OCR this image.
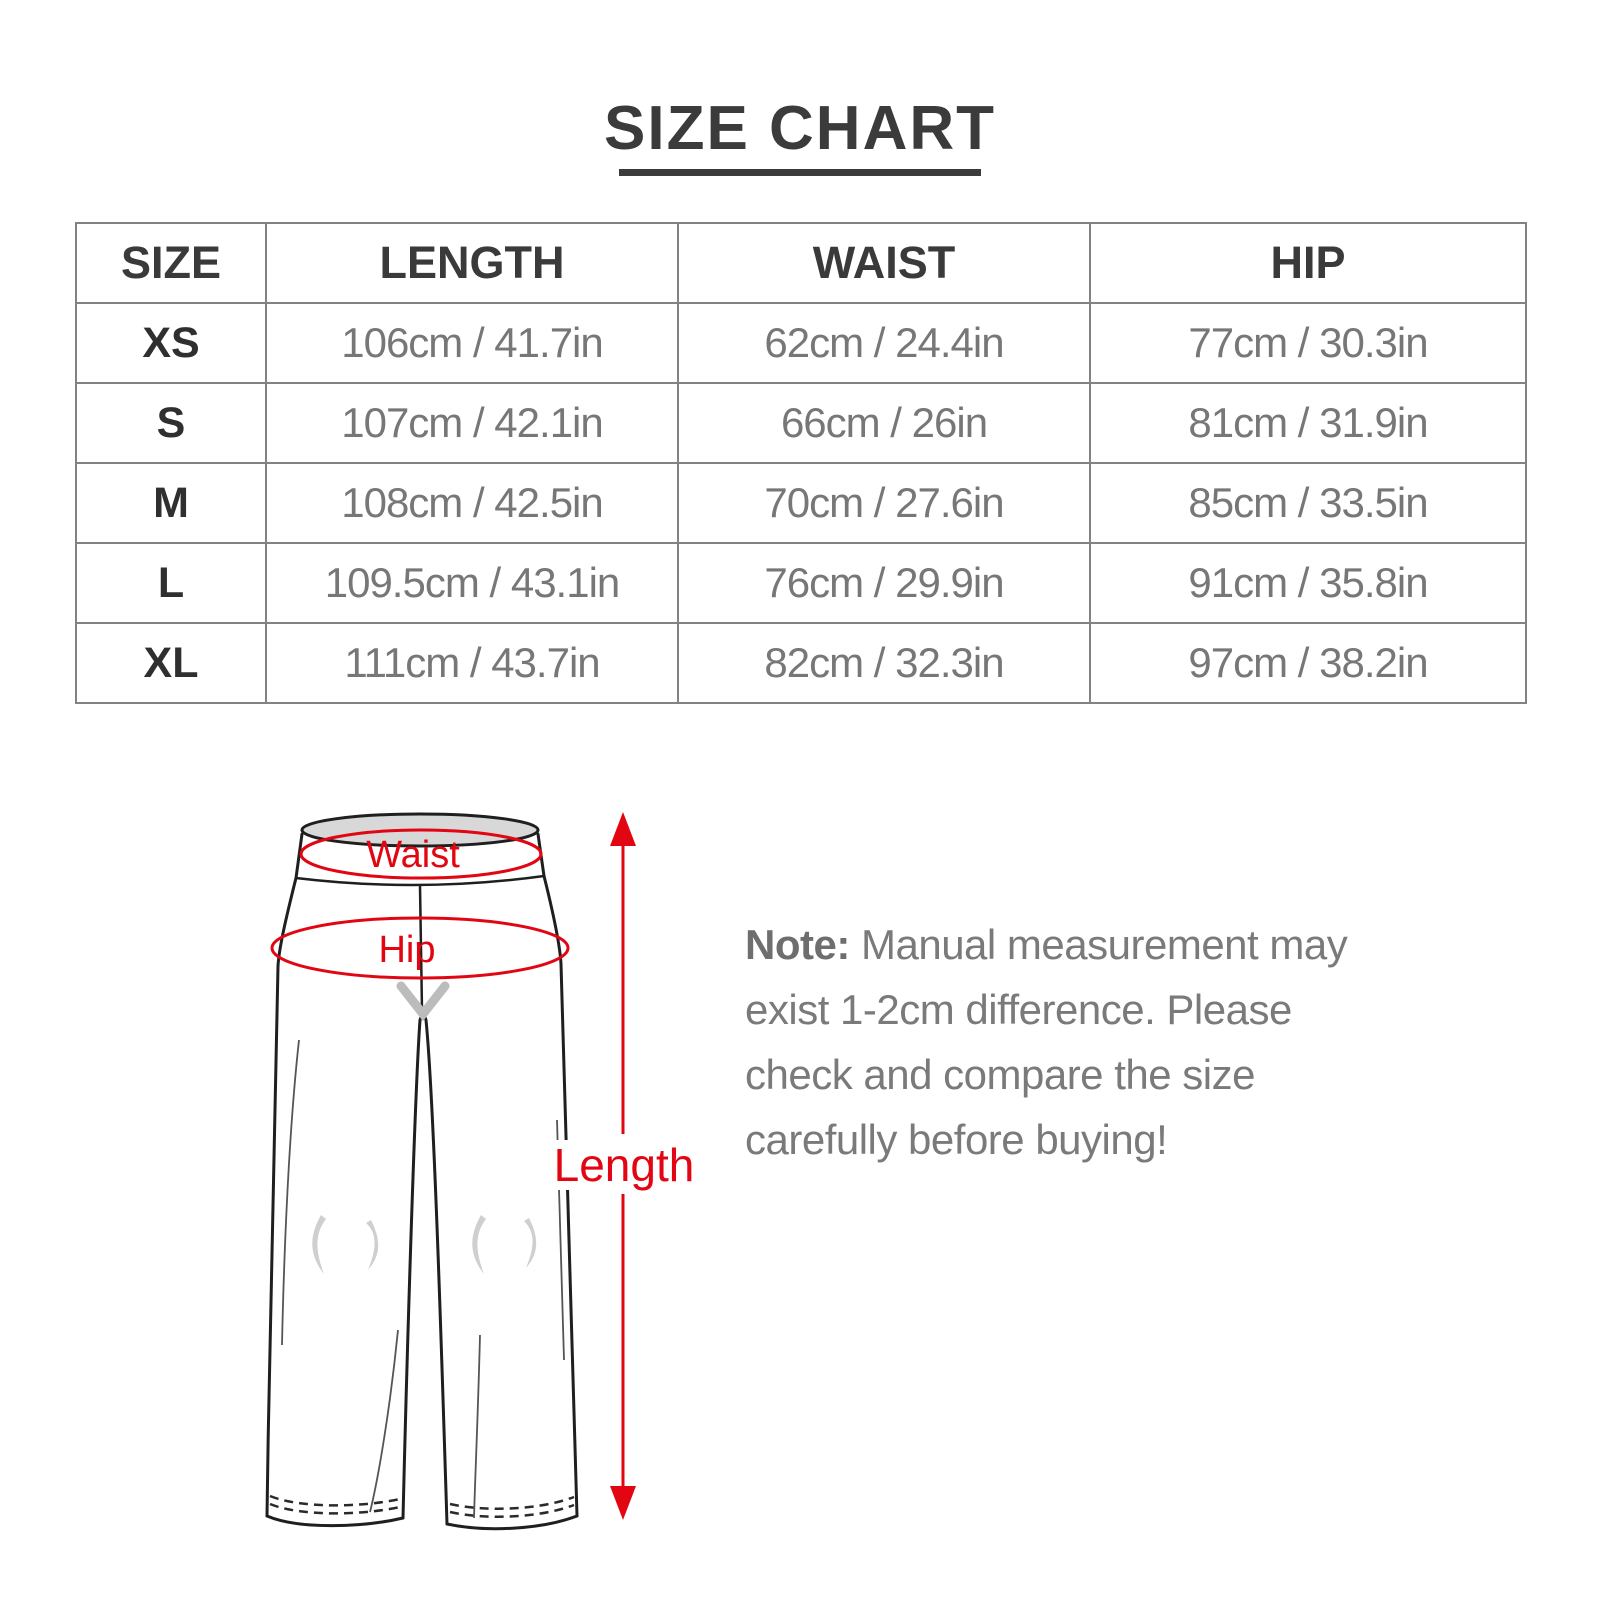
SIZE CHART
SIZE	LENGTH	WAIST	HIP
XS	106cm / 41.7in	62cm / 24.4in	77cm / 30.3in
S	107cm / 42.1in	66cm / 26in	81cm / 31.9in
M	108cm / 42.5in	70cm / 27.6in	85cm / 33.5in
L	109.5cm / 43.1in	76cm / 29.9in	91cm / 35.8in
XL	111cm / 43.7in	82cm / 32.3in	97cm / 38.2in
Waist
Hip
Length
Note: Manual measurement may
exist 1-2cm difference. Please
check and compare the size
carefully before buying!
